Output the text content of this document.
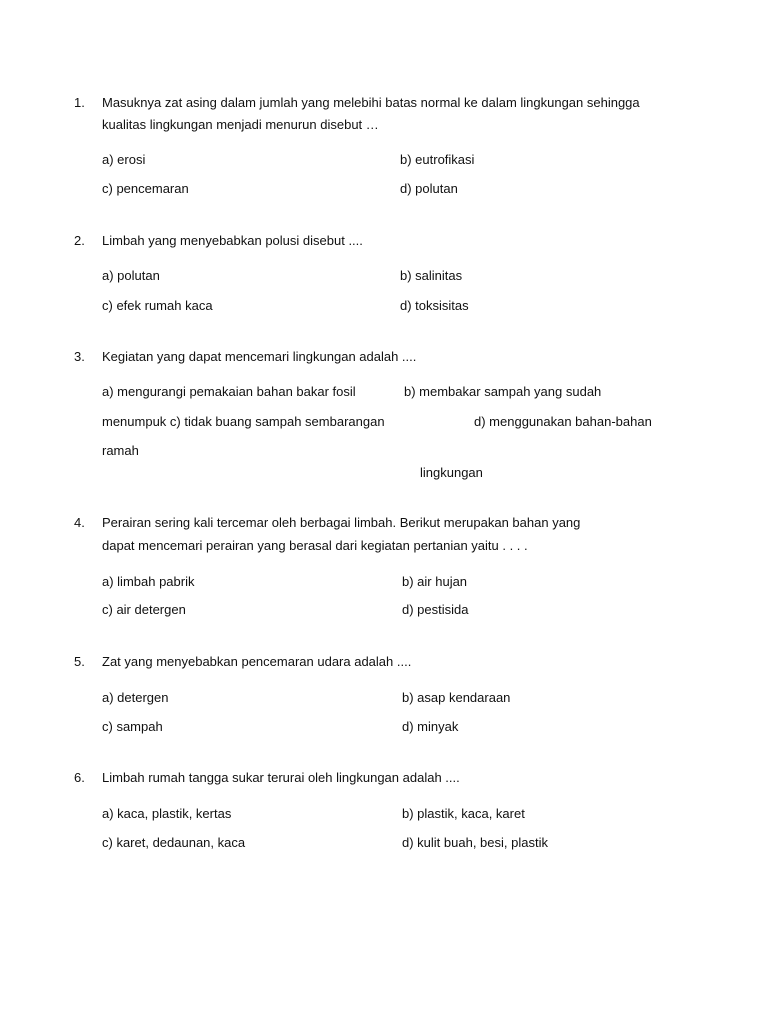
1. Masuknya zat asing dalam jumlah yang melebihi batas normal ke dalam lingkungan sehingga
kualitas lingkungan menjadi menurun disebut …
a) erosi	b) eutrofikasi
c) pencemaran	d) polutan
2. Limbah yang menyebabkan polusi disebut ....
a) polutan	b) salinitas
c) efek rumah kaca	d) toksisitas
3. Kegiatan yang dapat mencemari lingkungan adalah ....
a) mengurangi pemakaian bahan bakar fosil	b) membakar sampah yang sudah
menumpuk c) tidak buang sampah sembarangan	d) menggunakan bahan-bahan
ramah
lingkungan
4. Perairan sering kali tercemar oleh berbagai limbah. Berikut merupakan bahan yang
dapat mencemari perairan yang berasal dari kegiatan pertanian yaitu . . . .
a) limbah pabrik	b) air hujan
c) air detergen	d) pestisida
5. Zat yang menyebabkan pencemaran udara adalah ....
a) detergen	b) asap kendaraan
c) sampah	d) minyak
6. Limbah rumah tangga sukar terurai oleh lingkungan adalah ....
a) kaca, plastik, kertas	b) plastik, kaca, karet
c) karet, dedaunan, kaca	d) kulit buah, besi, plastik
